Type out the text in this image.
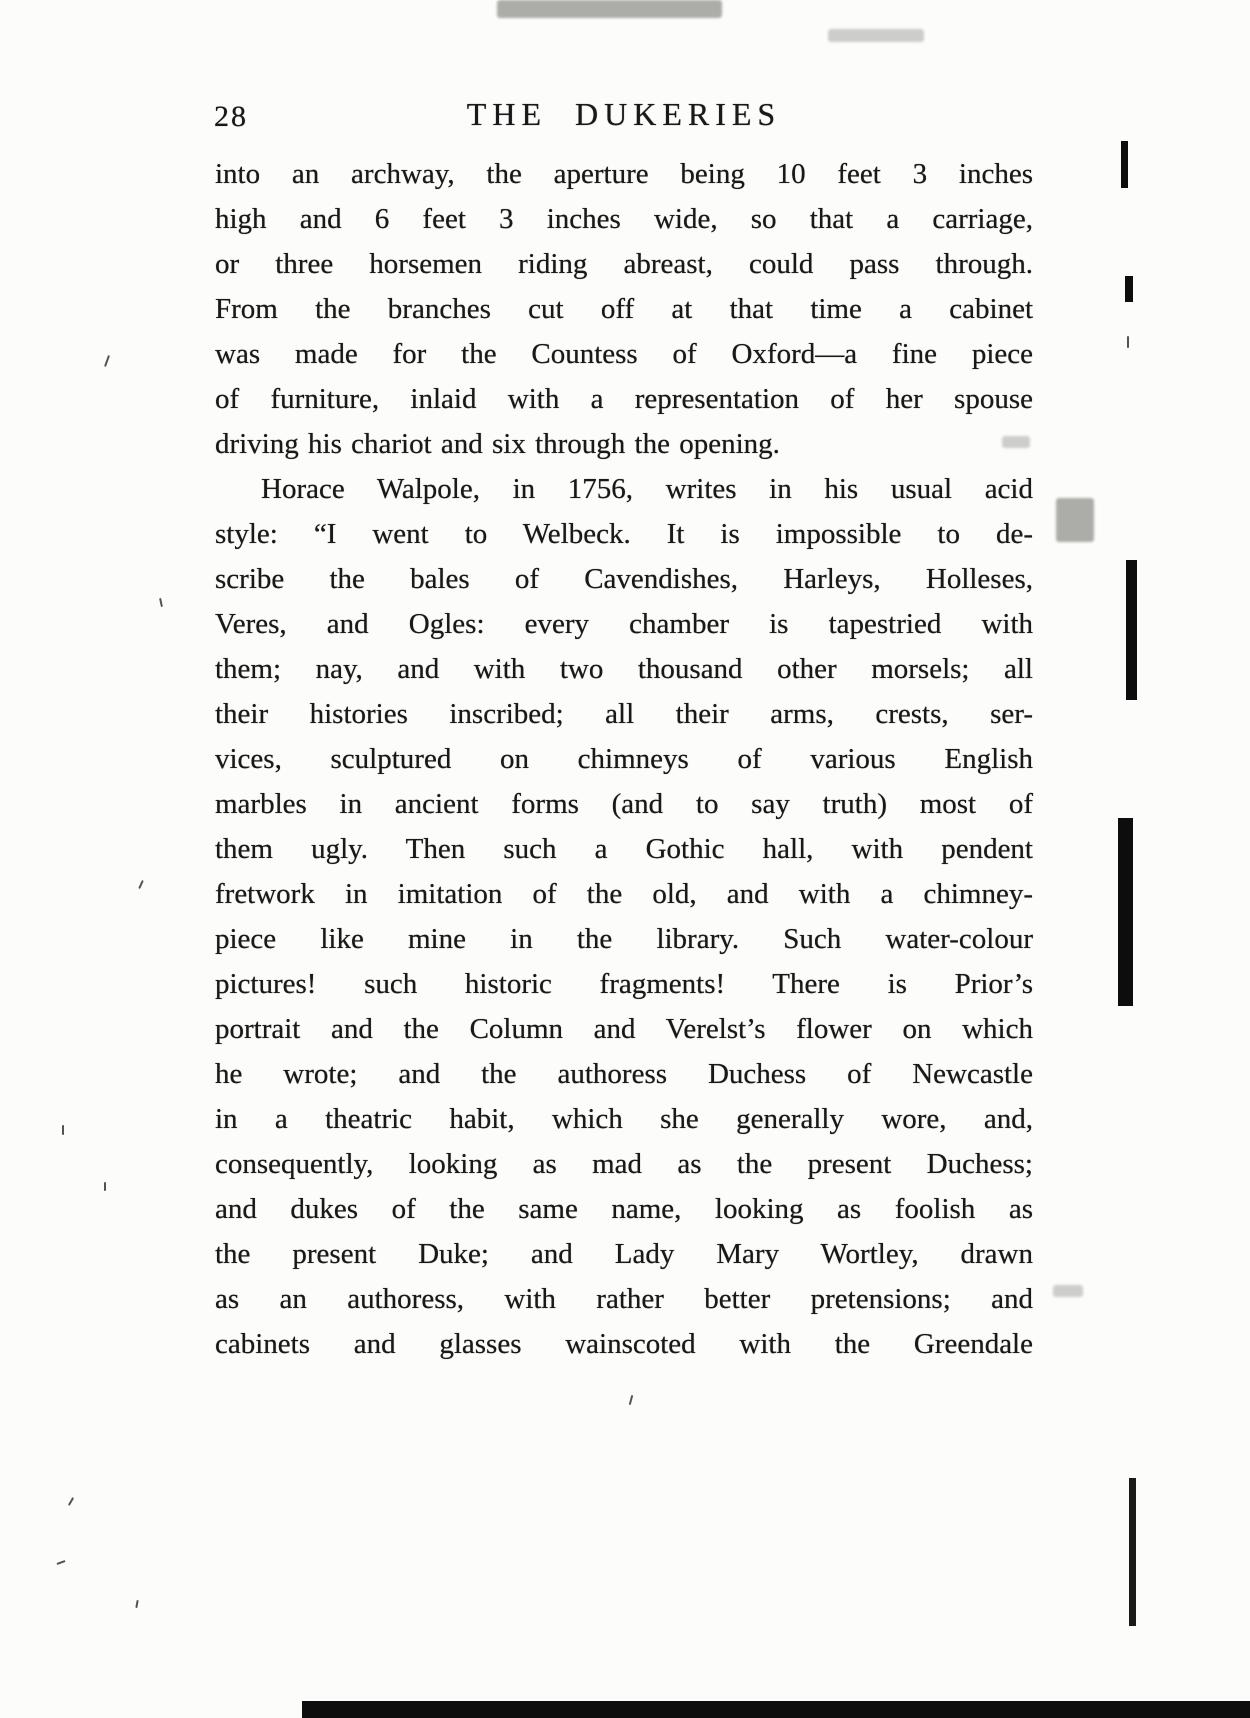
28	THE DUKERIES
into an archway, the aperture being 10 feet 3 inches
high and 6 feet 3 inches wide, so that a carriage,
or three horsemen riding abreast, could pass through.
From the branches cut off at that time a cabinet
was made for the Countess of Oxford—a fine piece
of furniture, inlaid with a representation of her spouse
driving his chariot and six through the opening.
Horace Walpole, in 1756, writes in his usual acid
style: “I went to Welbeck. It is impossible to de-
scribe the bales of Cavendishes, Harleys, Holleses,
Veres, and Ogles: every chamber is tapestried with
them; nay, and with two thousand other morsels; all
their histories inscribed; all their arms, crests, ser-
vices, sculptured on chimneys of various English
marbles in ancient forms (and to say truth) most of
them ugly. Then such a Gothic hall, with pendent
fretwork in imitation of the old, and with a chimney-
piece like mine in the library. Such water-colour
pictures! such historic fragments! There is Prior’s
portrait and the Column and Verelst’s flower on which
he wrote; and the authoress Duchess of Newcastle
in a theatric habit, which she generally wore, and,
consequently, looking as mad as the present Duchess;
and dukes of the same name, looking as foolish as
the present Duke; and Lady Mary Wortley, drawn
as an authoress, with rather better pretensions; and
cabinets and glasses wainscoted with the Greendale
